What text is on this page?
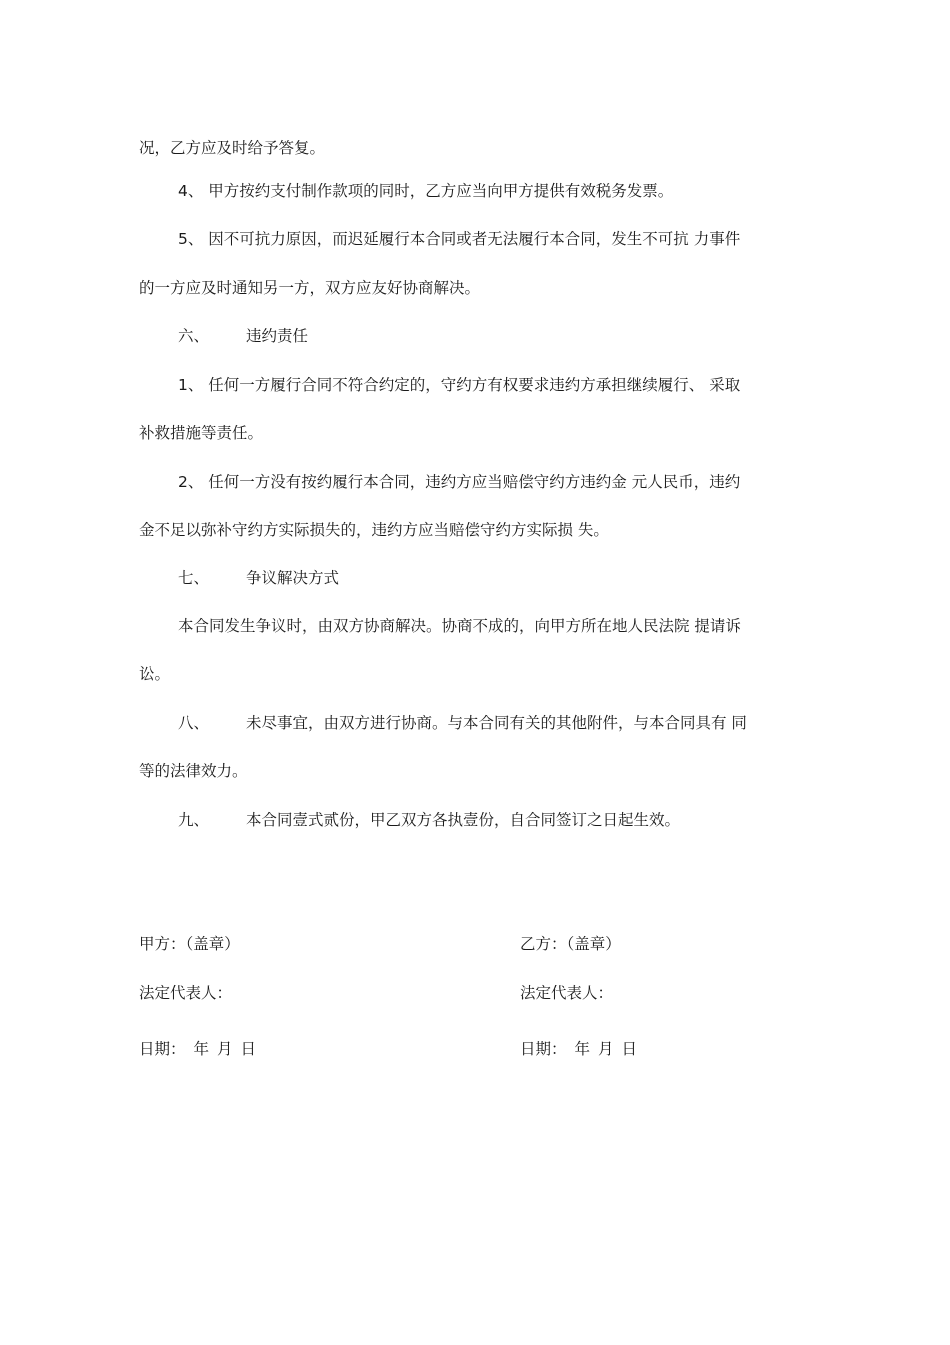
况，乙方应及时给予答复。
4、 甲方按约支付制作款项的同时，乙方应当向甲方提供有效税务发票。
5、 因不可抗力原因，而迟延履行本合同或者无法履行本合同，发生不可抗 力事件
的一方应及时通知另一方，双方应友好协商解决。
六、 违约责任
1、 任何一方履行合同不符合约定的，守约方有权要求违约方承担继续履行、 采取
补救措施等责任。
2、 任何一方没有按约履行本合同，违约方应当赔偿守约方违约金 元人民币，违约
金不足以弥补守约方实际损失的，违约方应当赔偿守约方实际损 失。
七、 争议解决方式
本合同发生争议时，由双方协商解决。协商不成的，向甲方所在地人民法院 提请诉
讼。
八、 未尽事宜，由双方进行协商。与本合同有关的其他附件，与本合同具有 同
等的法律效力。
九、 本合同壹式贰份，甲乙双方各执壹份，自合同签订之日起生效。
甲方：（盖章）
法定代表人：
日期： 年 月 日
乙方：（盖章）
法定代表人：
日期： 年 月 日
